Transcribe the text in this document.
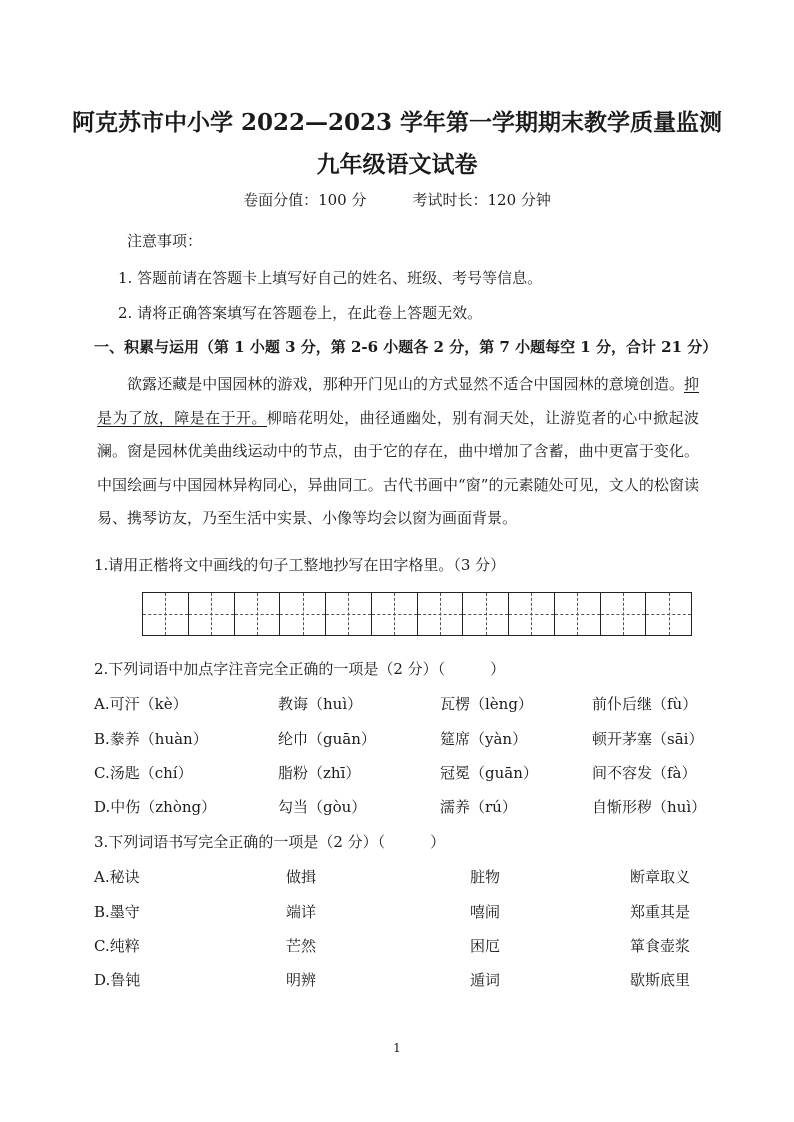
阿克苏市中小学 2022—2023 学年第一学期期末教学质量监测
九年级语文试卷
卷面分值：100 分	考试时长：120 分钟
注意事项：
1. 答题前请在答题卡上填写好自己的姓名、班级、考号等信息。
2. 请将正确答案填写在答题卷上，在此卷上答题无效。
一、积累与运用（第 1 小题 3 分，第 2-6 小题各 2 分，第 7 小题每空 1 分，合计 21 分）

欲露还藏是中国园林的游戏，那种开门见山的方式显然不适合中国园林的意境创造。抑是为了放，障是在于开。柳暗花明处，曲径通幽处，别有洞天处，让游览者的心中掀起波澜。窗是园林优美曲线运动中的节点，由于它的存在，曲中增加了含蓄，曲中更富于变化。中国绘画与中国园林异构同心，异曲同工。古代书画中“窗”的元素随处可见，文人的松窗读易、携琴访友，乃至生活中实景、小像等均会以窗为画面背景。

1.请用正楷将文中画线的句子工整地抄写在田字格里。（3 分）
2.下列词语中加点字注音完全正确的一项是（2 分）（　　　）
A.可汗（kè）	教诲（huì）	瓦楞（lèng）	前仆后继（fù）
B.豢养（huàn）	纶巾（guān）	筵席（yàn）	顿开茅塞（sāi）
C.汤匙（chí）	脂粉（zhī）	冠冕（guān）	间不容发（fà）
D.中伤（zhòng）	勾当（gòu）	濡养（rú）	自惭形秽（huì）
3.下列词语书写完全正确的一项是（2 分）（　　　）
A.秘诀	做揖	脏物	断章取义
B.墨守	端详	嘻闹	郑重其是
C.纯粹	芒然	困厄	箪食壶浆
D.鲁钝	明辨	遁词	歇斯底里
1
